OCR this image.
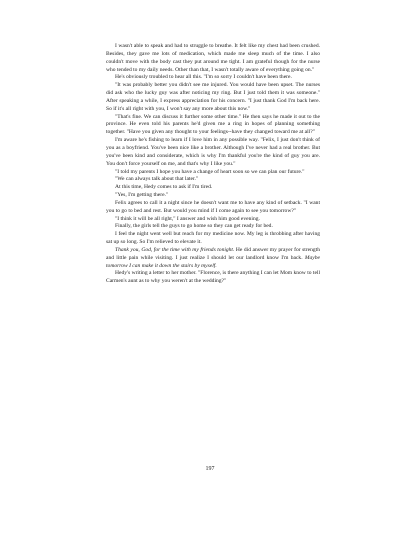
I wasn't able to speak and had to struggle to breathe. It felt like my chest had been crushed. Besides, they gave me lots of medication, which made me sleep much of the time. I also couldn't move with the body cast they put around me tight. I am grateful though for the nurse who tended to my daily needs. Other than that, I wasn't totally aware of everything going on."

He's obviously troubled to hear all this. "I'm so sorry I couldn't have been there.

"It was probably better you didn't see me injured. You would have been upset. The nurses did ask who the lucky guy was after noticing my ring. But I just told them it was someone." After speaking a while, I express appreciation for his concern. "I just thank God I'm back here. So if it's all right with you, I won't say any more about this now."

"That's fine. We can discuss it further some other time." He then says he made it out to the province. He even told his parents he'd given me a ring in hopes of planning something together. "Have you given any thought to your feelings--have they changed toward me at all?"

I'm aware he's fishing to learn if I love him in any possible way. "Felix, I just don't think of you as a boyfriend. You've been nice like a brother. Although I've never had a real brother. But you've been kind and considerate, which is why I'm thankful you're the kind of guy you are. You don't force yourself on me, and that's why I like you."

"I told my parents I hope you have a change of heart soon so we can plan our future."

"We can always talk about that later."

At this time, Hedy comes to ask if I'm tired.

"Yes, I'm getting there."

Felix agrees to call it a night since he doesn't want me to have any kind of setback. "I want you to go to bed and rest. But would you mind if I come again to see you tomorrow?"

"I think it will be all right," I answer and wish him good evening.

Finally, the girls tell the guys to go home so they can get ready for bed.

I feel the night went well but reach for my medicine now. My leg is throbbing after having sat up so long. So I'm relieved to elevate it.

Thank you, God, for the time with my friends tonight. He did answer my prayer for strength and little pain while visiting. I just realize I should let our landlord know I'm back. Maybe tomorrow I can make it down the stairs by myself.

Hedy's writing a letter to her mother. "Florence, is there anything I can let Mom know to tell Carmen's aunt as to why you weren't at the wedding?"

197
